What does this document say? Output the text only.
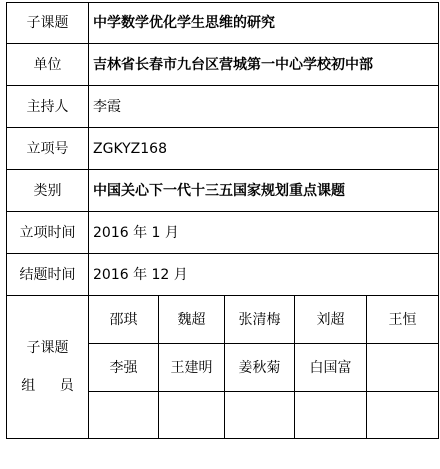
子课题	中学数学优化学生思维的研究				
单位	吉林省长春市九台区营城第一中心学校初中部				
主持人	李霞				
立项号	ZGKYZ168				
类别	中国关心下一代十三五国家规划重点课题				
立项时间	2016 年 1 月				
结题时间	2016 年 12 月				

子课题
组 员	邵琪	魏超	张清梅	刘超	王恒
	李强	王建明	姜秋菊	白国富	
